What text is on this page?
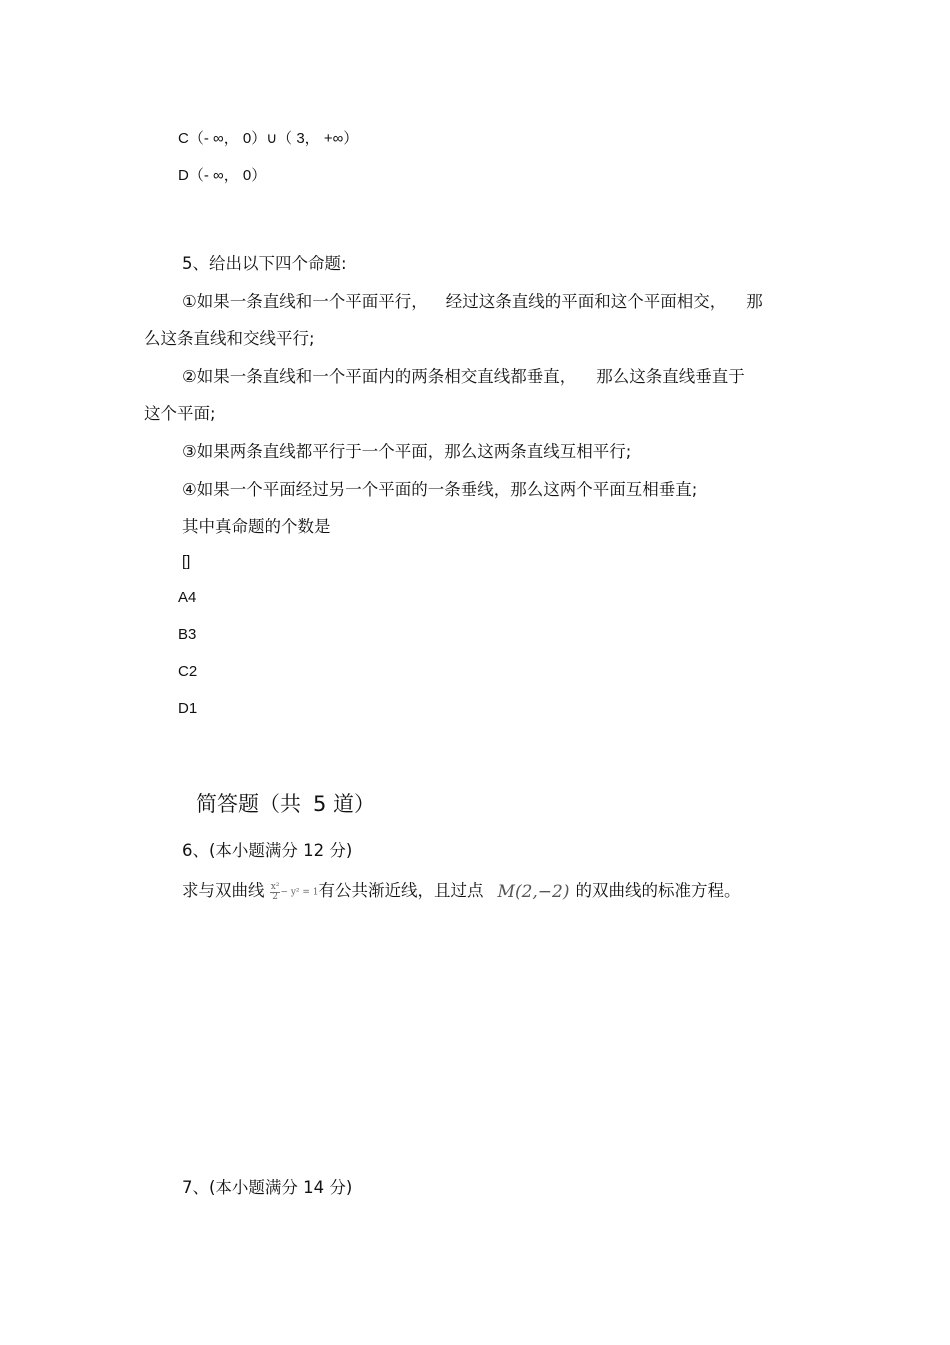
C（- ∞， 0）∪（ 3， +∞）
D（- ∞， 0）
5、给出以下四个命题:
①如果一条直线和一个平面平行， 经过这条直线的平面和这个平面相交， 那
么这条直线和交线平行;
②如果一条直线和一个平面内的两条相交直线都垂直， 那么这条直线垂直于
这个平面;
③如果两条直线都平行于一个平面，那么这两条直线互相平行;
④如果一个平面经过另一个平面的一条垂线，那么这两个平面互相垂直;
其中真命题的个数是
[]
A4
B3
C2
D1
简答题（共 5 道）
6、(本小题满分 12 分)
求与双曲线 $\frac{\text{x²}}{2} - y^2 = 1$有公共渐近线，且过点 M(2,−2) 的双曲线的标准方程。
7、(本小题满分 14 分)
